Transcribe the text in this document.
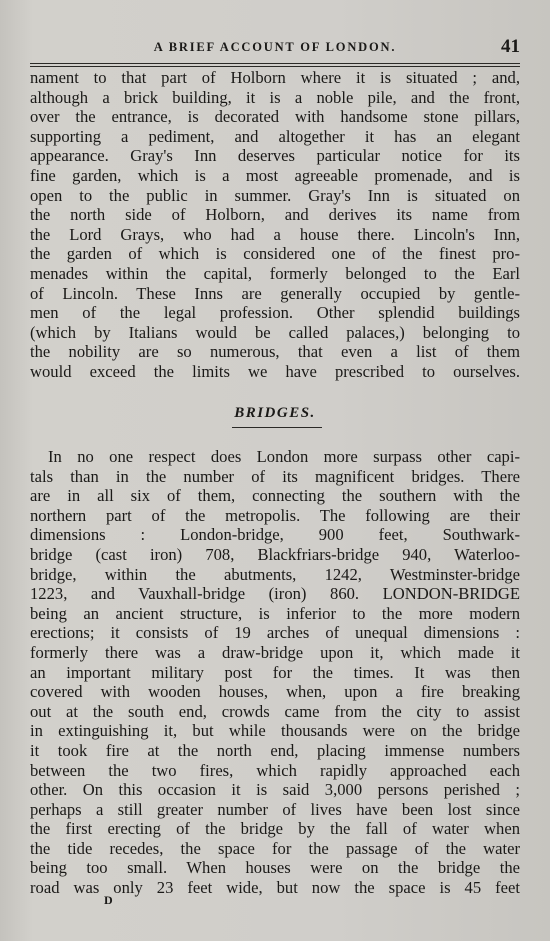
A BRIEF ACCOUNT OF LONDON.	41

nament to that part of Holborn where it is situated ; and,
although a brick building, it is a noble pile, and the front,
over the entrance, is decorated with handsome stone pillars,
supporting a pediment, and altogether it has an elegant
appearance. Gray's Inn deserves particular notice for its
fine garden, which is a most agreeable promenade, and is
open to the public in summer. Gray's Inn is situated on
the north side of Holborn, and derives its name from
the Lord Grays, who had a house there. Lincoln's Inn,
the garden of which is considered one of the finest pro-
menades within the capital, formerly belonged to the Earl
of Lincoln. These Inns are generally occupied by gentle-
men of the legal profession. Other splendid buildings
(which by Italians would be called palaces,) belonging to
the nobility are so numerous, that even a list of them
would exceed the limits we have prescribed to ourselves.

BRIDGES.

In no one respect does London more surpass other capi-
tals than in the number of its magnificent bridges. There
are in all six of them, connecting the southern with the
northern part of the metropolis. The following are their
dimensions : London-bridge, 900 feet, Southwark-
bridge (cast iron) 708, Blackfriars-bridge 940, Waterloo-
bridge, within the abutments, 1242, Westminster-bridge
1223, and Vauxhall-bridge (iron) 860. LONDON-BRIDGE
being an ancient structure, is inferior to the more modern
erections; it consists of 19 arches of unequal dimensions :
formerly there was a draw-bridge upon it, which made it
an important military post for the times. It was then
covered with wooden houses, when, upon a fire breaking
out at the south end, crowds came from the city to assist
in extinguishing it, but while thousands were on the bridge
it took fire at the north end, placing immense numbers
between the two fires, which rapidly approached each
other. On this occasion it is said 3,000 persons perished ;
perhaps a still greater number of lives have been lost since
the first erecting of the bridge by the fall of water when
the tide recedes, the space for the passage of the water
being too small. When houses were on the bridge the
road was only 23 feet wide, but now the space is 45 feet

D
